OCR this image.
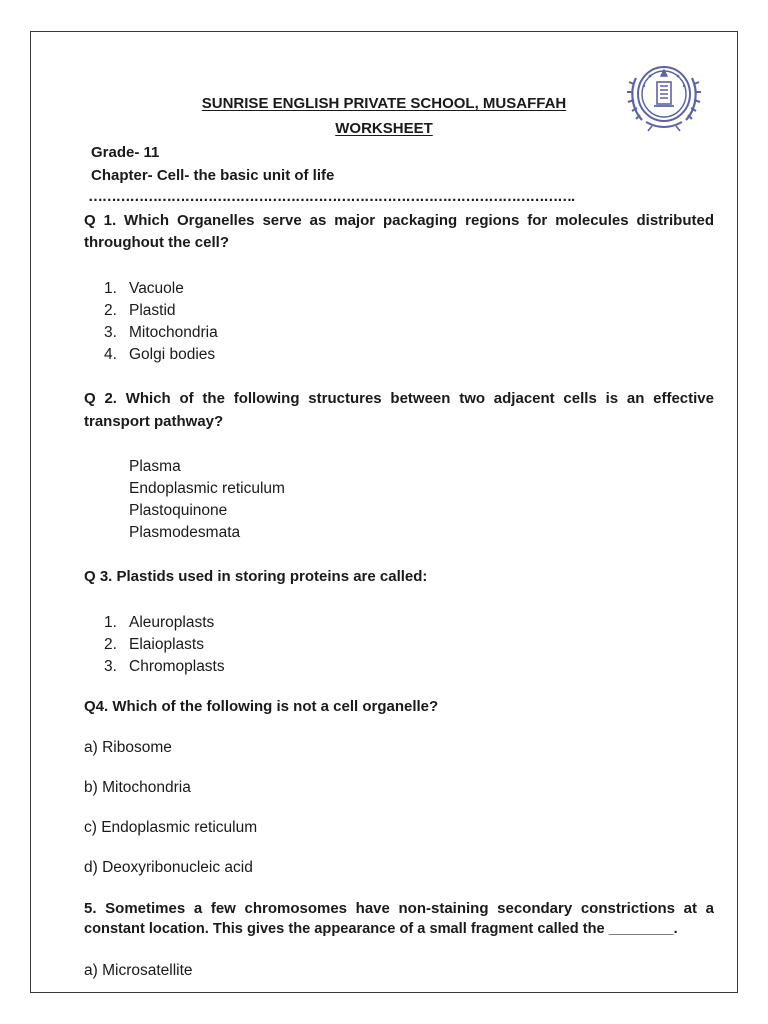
SUNRISE ENGLISH PRIVATE SCHOOL, MUSAFFAH
WORKSHEET
Grade- 11
Chapter- Cell- the basic unit of life
…………………………………………………………………………………………….
Q 1. Which Organelles serve as major packaging regions for molecules distributed
throughout the cell?
1. Vacuole
2. Plastid
3. Mitochondria
4. Golgi bodies
Q 2. Which of the following structures between two adjacent cells is an effective
transport pathway?
Plasma
Endoplasmic reticulum
Plastoquinone
Plasmodesmata
Q 3. Plastids used in storing proteins are called:
1. Aleuroplasts
2. Elaioplasts
3. Chromoplasts
Q4. Which of the following is not a cell organelle?
a) Ribosome
b) Mitochondria
c) Endoplasmic reticulum
d) Deoxyribonucleic acid
5. Sometimes a few chromosomes have non-staining secondary constrictions at a
constant location. This gives the appearance of a small fragment called the ________.
a) Microsatellite
